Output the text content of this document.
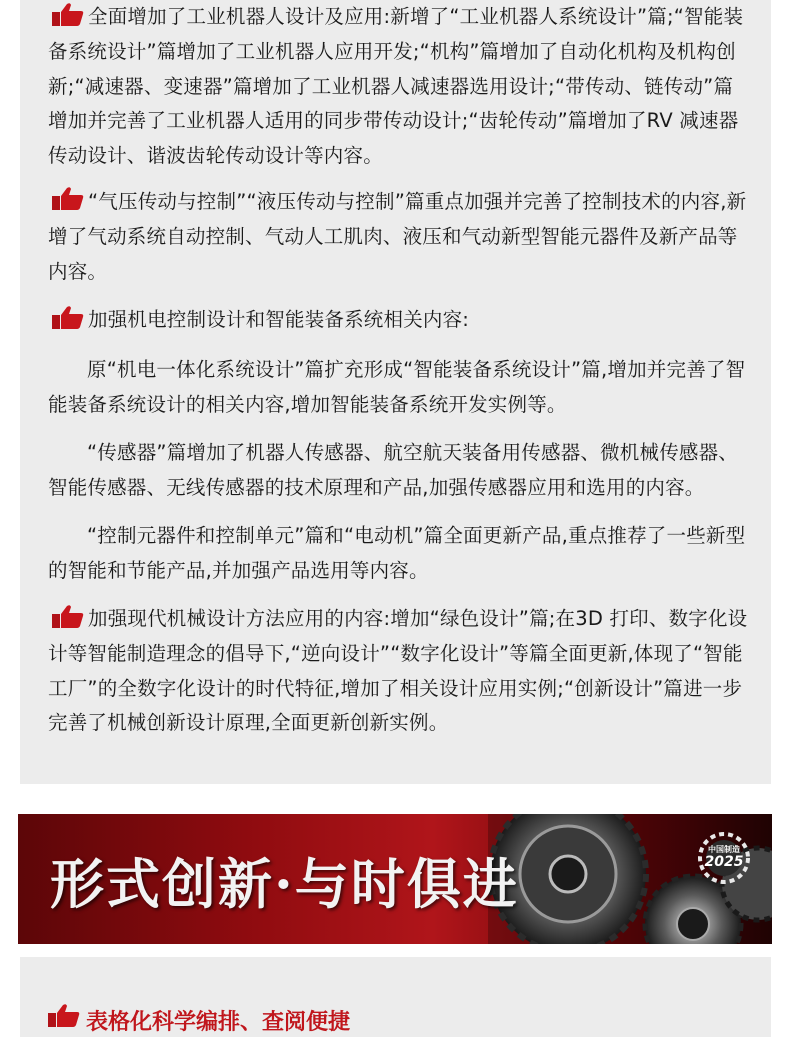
全面增加了工业机器人设计及应用:新增了“工业机器人系统设计”篇;“智能装备系统设计”篇增加了工业机器人应用开发;“机构”篇增加了自动化机构及机构创新;“减速器、变速器”篇增加了工业机器人减速器选用设计;“带传动、链传动”篇增加并完善了工业机器人适用的同步带传动设计;“齿轮传动”篇增加了RV 减速器传动设计、谐波齿轮传动设计等内容。

“气压传动与控制”“液压传动与控制”篇重点加强并完善了控制技术的内容,新增了气动系统自动控制、气动人工肌肉、液压和气动新型智能元器件及新产品等内容。

加强机电控制设计和智能装备系统相关内容:

原“机电一体化系统设计”篇扩充形成“智能装备系统设计”篇,增加并完善了智能装备系统设计的相关内容,增加智能装备系统开发实例等。

“传感器”篇增加了机器人传感器、航空航天装备用传感器、微机械传感器、智能传感器、无线传感器的技术原理和产品,加强传感器应用和选用的内容。

“控制元器件和控制单元”篇和“电动机”篇全面更新产品,重点推荐了一些新型的智能和节能产品,并加强产品选用等内容。

加强现代机械设计方法应用的内容:增加“绿色设计”篇;在3D 打印、数字化设计等智能制造理念的倡导下,“逆向设计”“数字化设计”等篇全面更新,体现了“智能工厂”的全数字化设计的时代特征,增加了相关设计应用实例;“创新设计”篇进一步完善了机械创新设计原理,全面更新创新实例。

形式创新·与时俱进
中国制造
2025
表格化科学编排、查阅便捷
